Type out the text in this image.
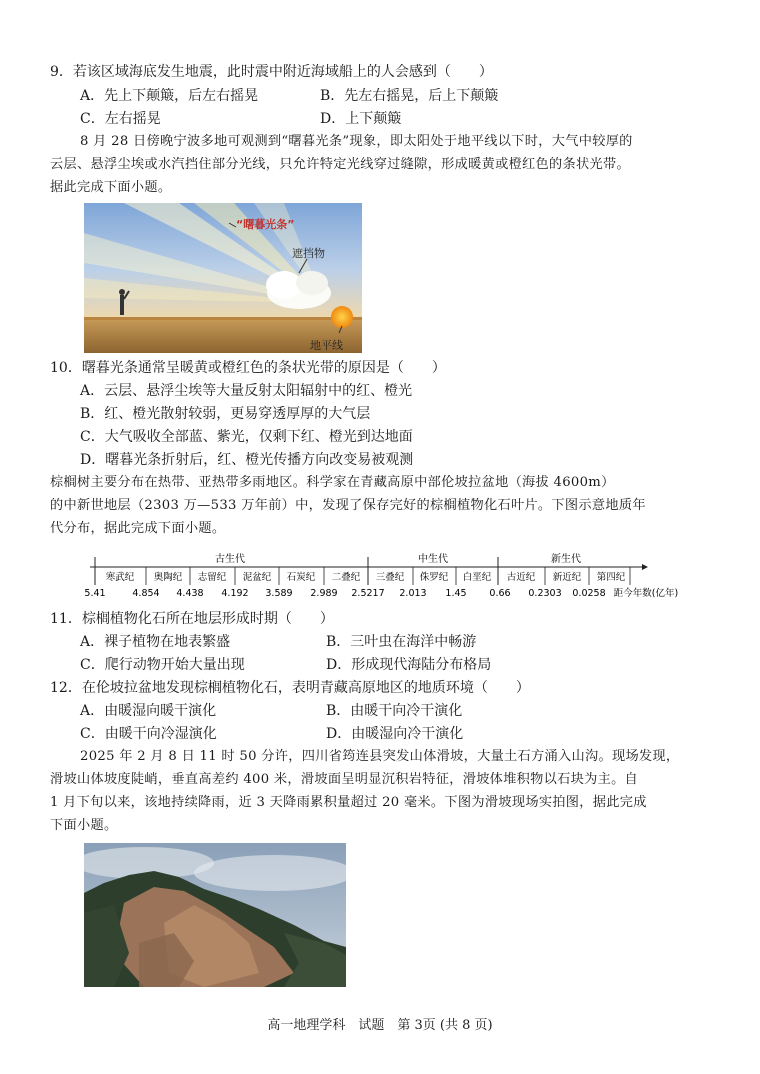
9．若该区域海底发生地震，此时震中附近海域船上的人会感到（　　）
A．先上下颠簸，后左右摇晃	B．先左右摇晃，后上下颠簸
C．左右摇晃	D．上下颠簸
8 月 28 日傍晚宁波多地可观测到“曙暮光条”现象，即太阳处于地平线以下时，大气中较厚的
云层、悬浮尘埃或水汽挡住部分光线，只允许特定光线穿过缝隙，形成暖黄或橙红色的条状光带。
据此完成下面小题。
“曙暮光条”
遮挡物
地平线
10．曙暮光条通常呈暖黄或橙红色的条状光带的原因是（　　）
A．云层、悬浮尘埃等大量反射太阳辐射中的红、橙光
B．红、橙光散射较弱，更易穿透厚厚的大气层
C．大气吸收全部蓝、紫光，仅剩下红、橙光到达地面
D．曙暮光条折射后，红、橙光传播方向改变易被观测
棕榈树主要分布在热带、亚热带多雨地区。科学家在青藏高原中部伦坡拉盆地（海拔 4600m）
的中新世地层（2303 万—533 万年前）中，发现了保存完好的棕榈植物化石叶片。下图示意地质年
代分布，据此完成下面小题。
古生代	中生代	新生代
寒武纪 奥陶纪 志留纪 泥盆纪 石炭纪 二叠纪 三叠纪 侏罗纪 白垩纪 古近纪 新近纪 第四纪
5.41	4.854 4.438 4.192 3.589 2.989 2.5217 2.013 1.45 0.66 0.2303 0.0258 距今年数(亿年)
11．棕榈植物化石所在地层形成时期（　　）
A．裸子植物在地表繁盛	B．三叶虫在海洋中畅游
C．爬行动物开始大量出现	D．形成现代海陆分布格局
12．在伦坡拉盆地发现棕榈植物化石，表明青藏高原地区的地质环境（　　）
A．由暖湿向暖干演化	B．由暖干向冷干演化
C．由暖干向冷湿演化	D．由暖湿向冷干演化
2025 年 2 月 8 日 11 时 50 分许，四川省筠连县突发山体滑坡，大量土石方涌入山沟。现场发现，
滑坡山体坡度陡峭，垂直高差约 400 米，滑坡面呈明显沉积岩特征，滑坡体堆积物以石块为主。自
1 月下旬以来，该地持续降雨，近 3 天降雨累积量超过 20 毫米。下图为滑坡现场实拍图，据此完成
下面小题。
高一地理学科　试题　第 3页 (共 8 页)
